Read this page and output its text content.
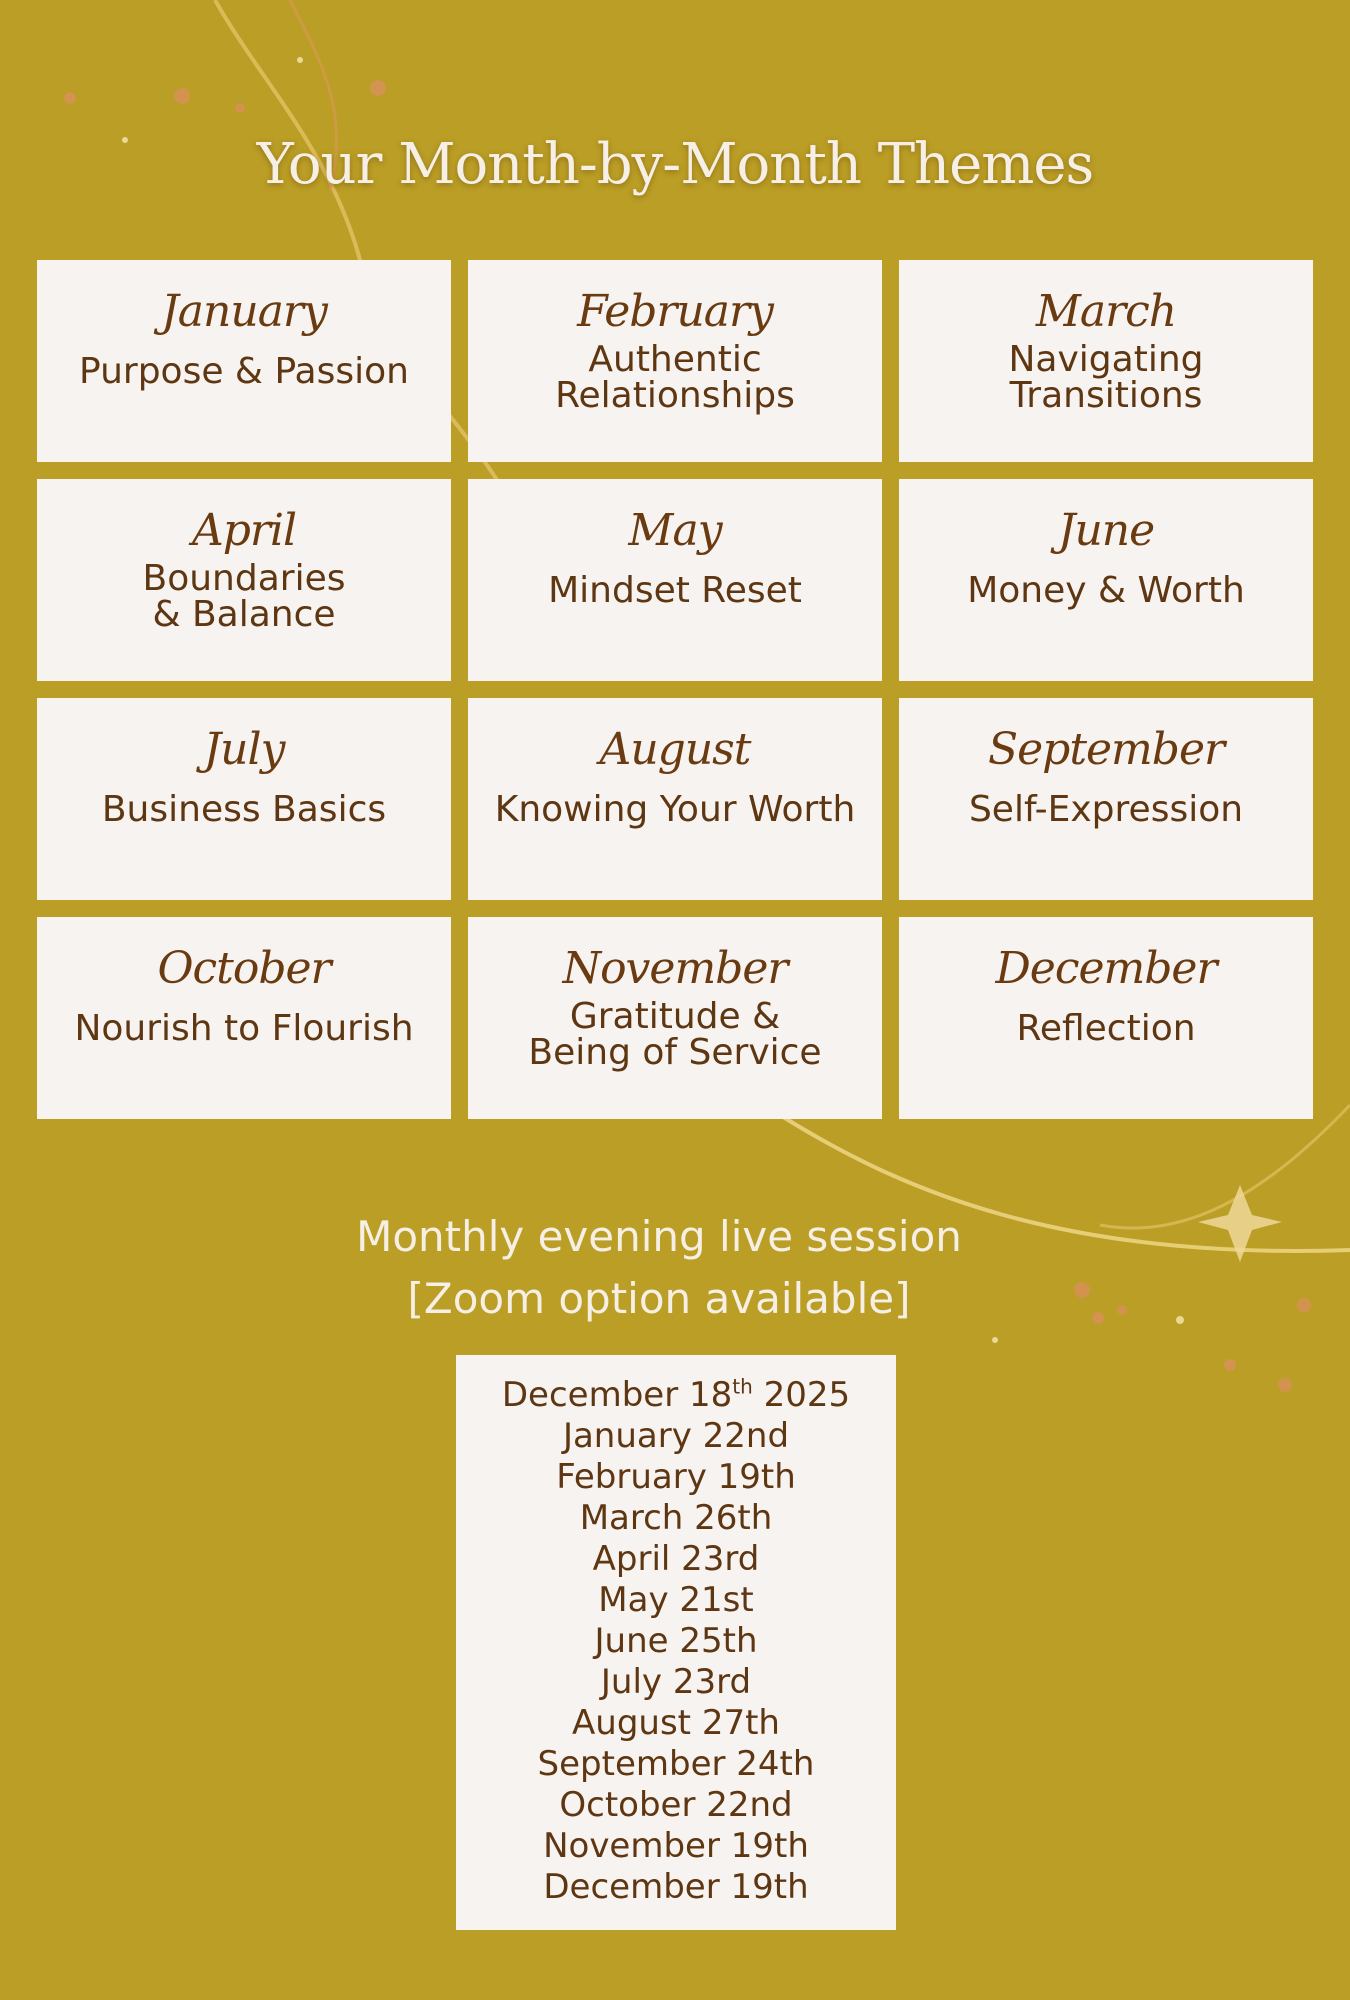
Your Month-by-Month Themes
January
Purpose & Passion
February
Authentic
Relationships
March
Navigating
Transitions
April
Boundaries
& Balance
May
Mindset Reset
June
Money & Worth
July
Business Basics
August
Knowing Your Worth
September
Self-Expression
October
Nourish to Flourish
November
Gratitude &
Being of Service
December
Reflection
Monthly evening live session
[Zoom option available]
December 18th 2025
January 22nd
February 19th
March 26th
April 23rd
May 21st
June 25th
July 23rd
August 27th
September 24th
October 22nd
November 19th
December 19th
